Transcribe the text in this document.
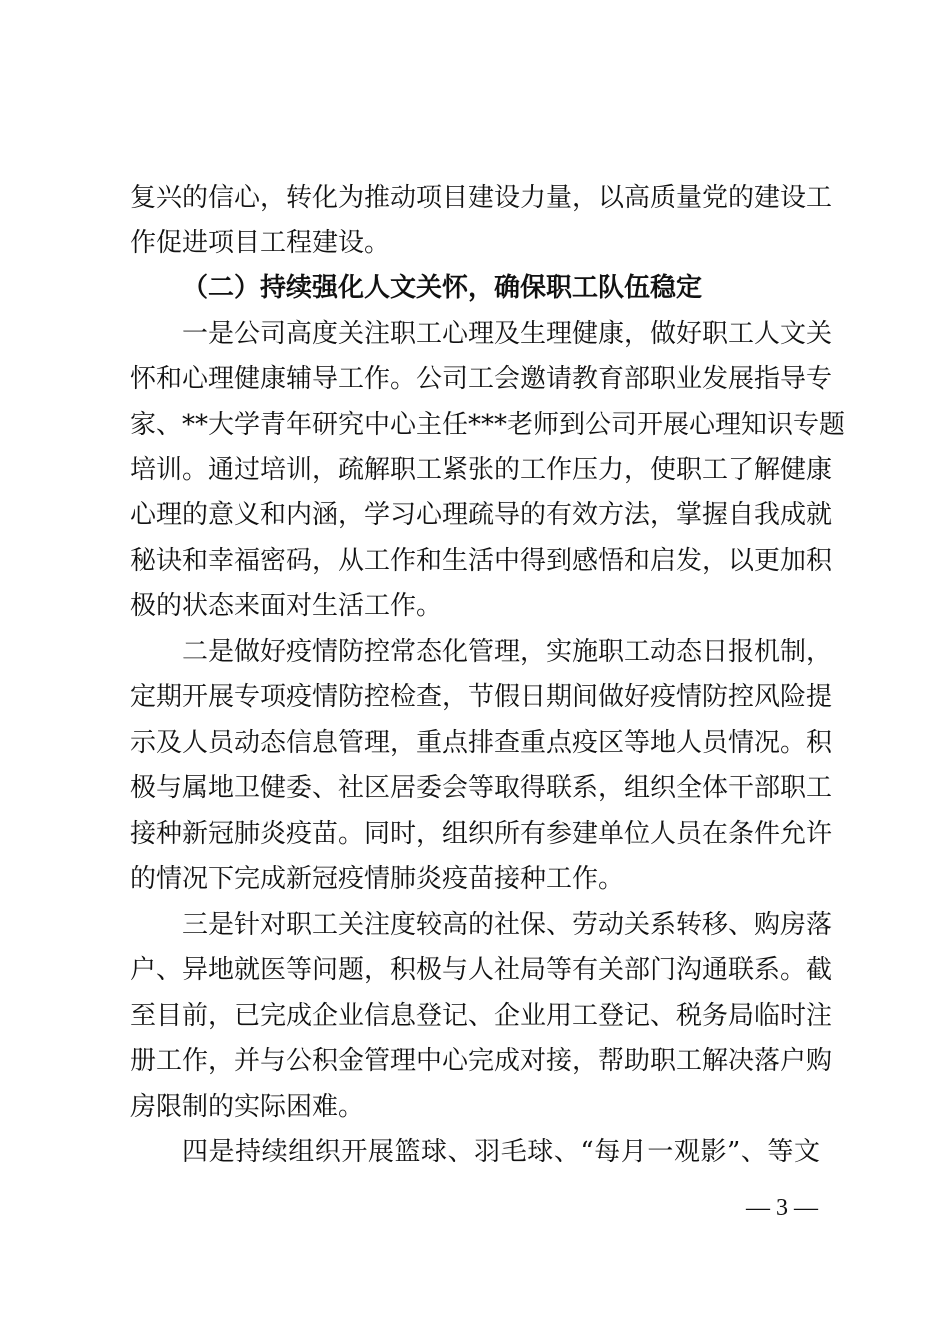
复兴的信心，转化为推动项目建设力量，以高质量党的建设工
作促进项目工程建设。
（二）持续强化人文关怀，确保职工队伍稳定
一是公司高度关注职工心理及生理健康，做好职工人文关
怀和心理健康辅导工作。公司工会邀请教育部职业发展指导专
家、**大学青年研究中心主任***老师到公司开展心理知识专题
培训。通过培训，疏解职工紧张的工作压力，使职工了解健康
心理的意义和内涵，学习心理疏导的有效方法，掌握自我成就
秘诀和幸福密码，从工作和生活中得到感悟和启发，以更加积
极的状态来面对生活工作。
二是做好疫情防控常态化管理，实施职工动态日报机制，
定期开展专项疫情防控检查，节假日期间做好疫情防控风险提
示及人员动态信息管理，重点排查重点疫区等地人员情况。积
极与属地卫健委、社区居委会等取得联系，组织全体干部职工
接种新冠肺炎疫苗。同时，组织所有参建单位人员在条件允许
的情况下完成新冠疫情肺炎疫苗接种工作。
三是针对职工关注度较高的社保、劳动关系转移、购房落
户、异地就医等问题，积极与人社局等有关部门沟通联系。截
至目前，已完成企业信息登记、企业用工登记、税务局临时注
册工作，并与公积金管理中心完成对接，帮助职工解决落户购
房限制的实际困难。
四是持续组织开展篮球、羽毛球、“每月一观影”、等文
— 3 —
